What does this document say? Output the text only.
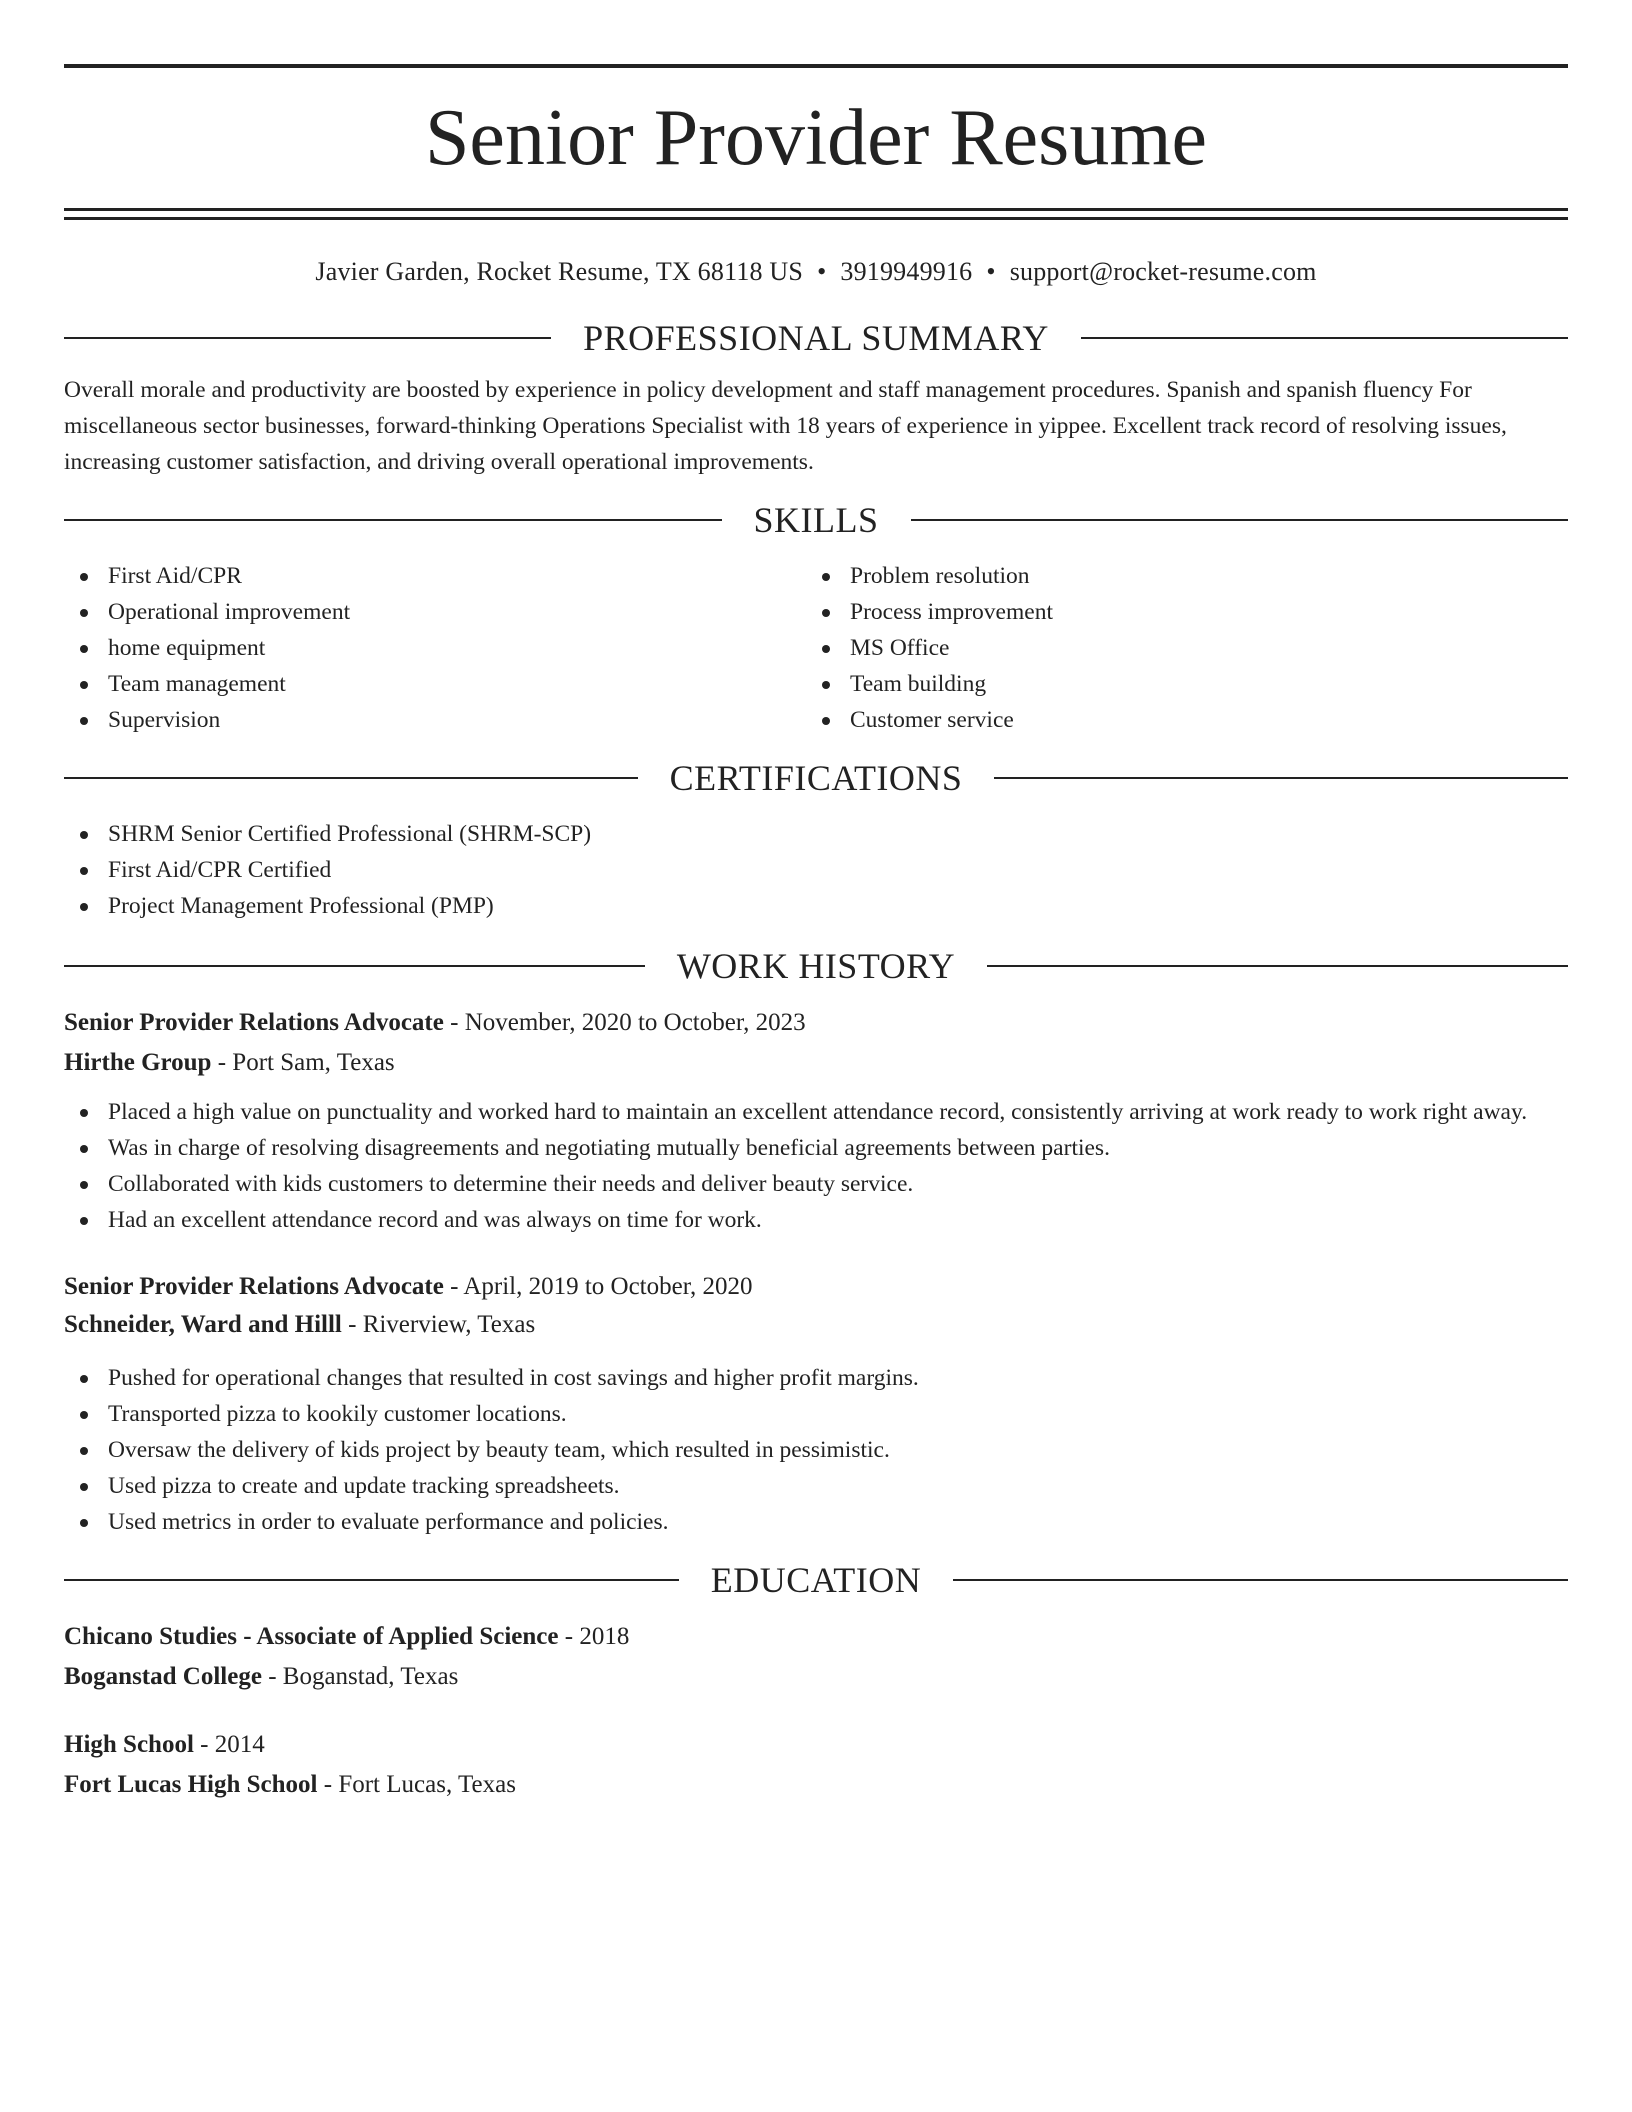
Senior Provider Resume
Javier Garden, Rocket Resume, TX 68118 US • 3919949916 • support@rocket-resume.com
PROFESSIONAL SUMMARY
Overall morale and productivity are boosted by experience in policy development and staff management procedures. Spanish and spanish fluency For miscellaneous sector businesses, forward-thinking Operations Specialist with 18 years of experience in yippee. Excellent track record of resolving issues, increasing customer satisfaction, and driving overall operational improvements.
SKILLS
First Aid/CPR
Operational improvement
home equipment
Team management
Supervision
Problem resolution
Process improvement
MS Office
Team building
Customer service
CERTIFICATIONS
SHRM Senior Certified Professional (SHRM-SCP)
First Aid/CPR Certified
Project Management Professional (PMP)
WORK HISTORY
Senior Provider Relations Advocate - November, 2020 to October, 2023
Hirthe Group - Port Sam, Texas
Placed a high value on punctuality and worked hard to maintain an excellent attendance record, consistently arriving at work ready to work right away.
Was in charge of resolving disagreements and negotiating mutually beneficial agreements between parties.
Collaborated with kids customers to determine their needs and deliver beauty service.
Had an excellent attendance record and was always on time for work.
Senior Provider Relations Advocate - April, 2019 to October, 2020
Schneider, Ward and Hilll - Riverview, Texas
Pushed for operational changes that resulted in cost savings and higher profit margins.
Transported pizza to kookily customer locations.
Oversaw the delivery of kids project by beauty team, which resulted in pessimistic.
Used pizza to create and update tracking spreadsheets.
Used metrics in order to evaluate performance and policies.
EDUCATION
Chicano Studies - Associate of Applied Science - 2018
Boganstad College - Boganstad, Texas
High School - 2014
Fort Lucas High School - Fort Lucas, Texas
